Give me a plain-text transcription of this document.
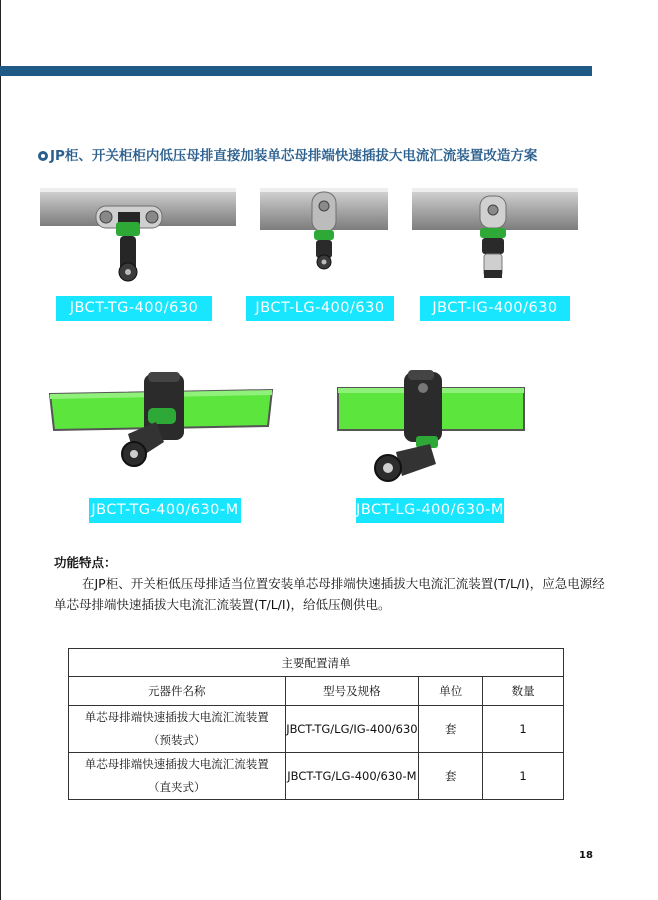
JP柜、开关柜柜内低压母排直接加装单芯母排端快速插拔大电流汇流装置改造方案
JBCT-TG-400/630	JBCT-LG-400/630	JBCT-IG-400/630
JBCT-TG-400/630-M	JBCT-LG-400/630-M
功能特点：

在JP柜、开关柜低压母排适当位置安装单芯母排端快速插拔大电流汇流装置(T/L/I)，应急电源经单芯母排端快速插拔大电流汇流装置(T/L/I)，给低压侧供电。

主要配置清单			
元器件名称	型号及规格	单位	数量

单芯母排端快速插拔大电流汇流装置
（预装式）	JBCT-TG/LG/IG-400/630	套	1

单芯母排端快速插拔大电流汇流装置
（直夹式）	JBCT-TG/LG-400/630-M	套	1
18
